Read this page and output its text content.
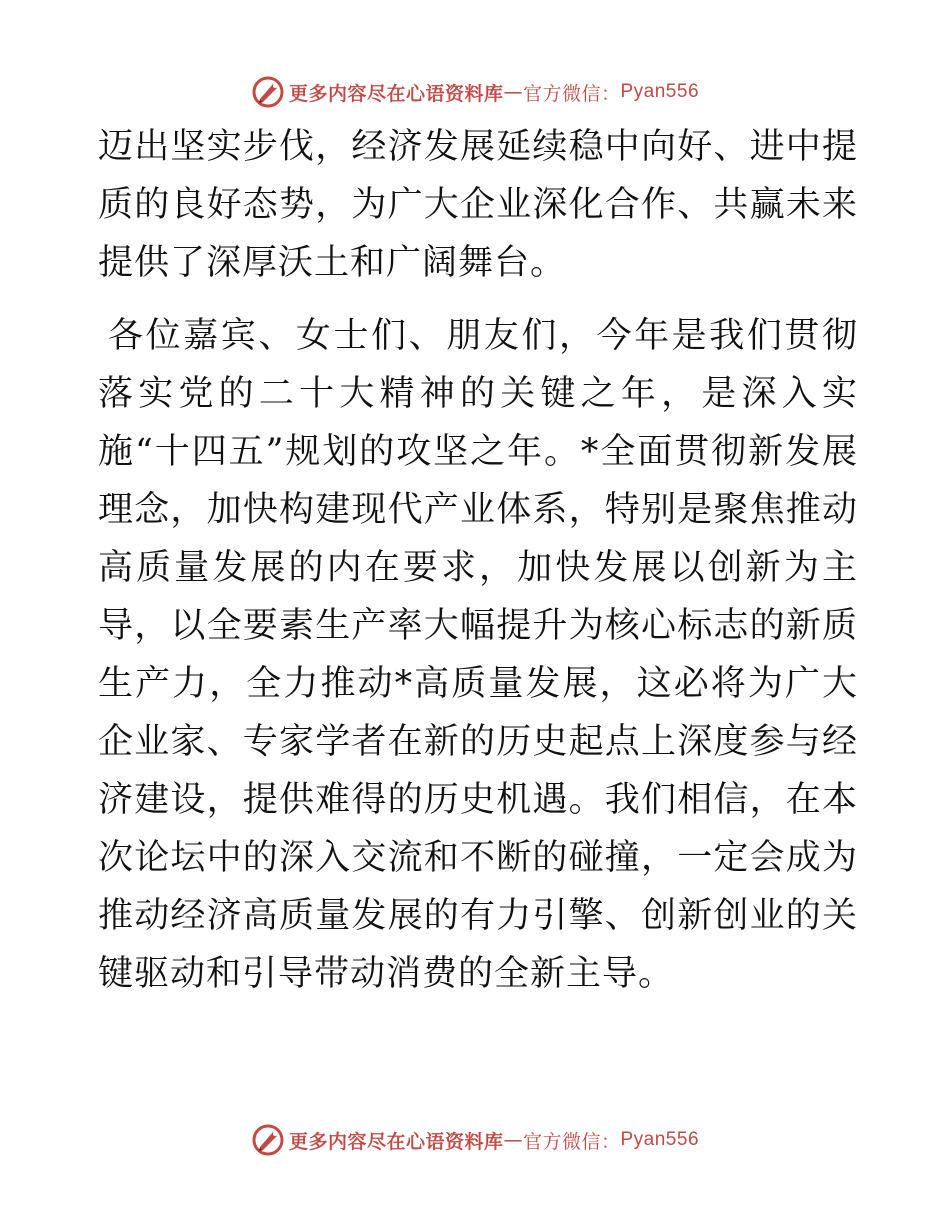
更多内容尽在心语资料库 — 官方微信： Pyan556

迈出坚实步伐，经济发展延续稳中向好、进中提质的良好态势，为广大企业深化合作、共赢未来提供了深厚沃土和广阔舞台。

各位嘉宾、女士们、朋友们，今年是我们贯彻落实党的二十大精神的关键之年，是深入实施“十四五”规划的攻坚之年。*全面贯彻新发展理念，加快构建现代产业体系，特别是聚焦推动高质量发展的内在要求，加快发展以创新为主导，以全要素生产率大幅提升为核心标志的新质生产力，全力推动*高质量发展，这必将为广大企业家、专家学者在新的历史起点上深度参与经济建设，提供难得的历史机遇。我们相信，在本次论坛中的深入交流和不断的碰撞，一定会成为推动经济高质量发展的有力引擎、创新创业的关键驱动和引导带动消费的全新主导。

更多内容尽在心语资料库 — 官方微信： Pyan556
